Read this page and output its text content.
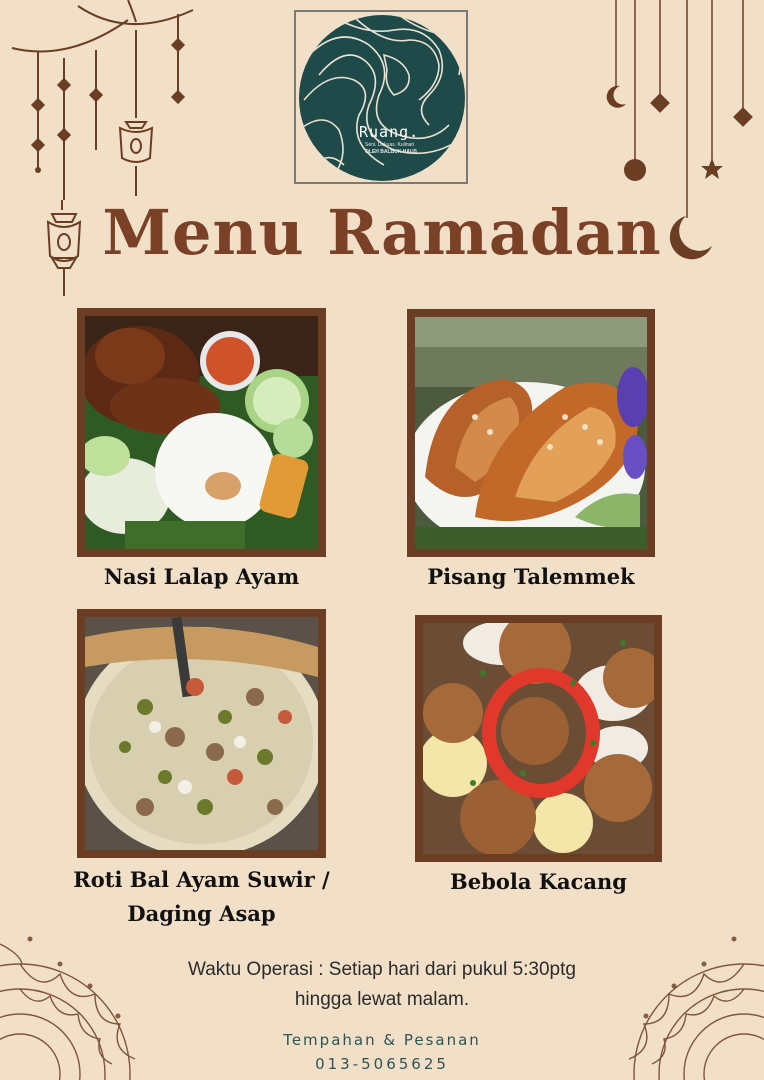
Ruang.
Seni. Dakuas. Kulinari
OLEH BALBUK HAUS
Menu Ramadan
Nasi Lalap Ayam	Pisang Talemmek
Roti Bal Ayam Suwir /
Daging Asap
Bebola Kacang
Waktu Operasi : Setiap hari dari pukul 5:30ptg
hingga lewat malam.
Tempahan & Pesanan
013-5065625
